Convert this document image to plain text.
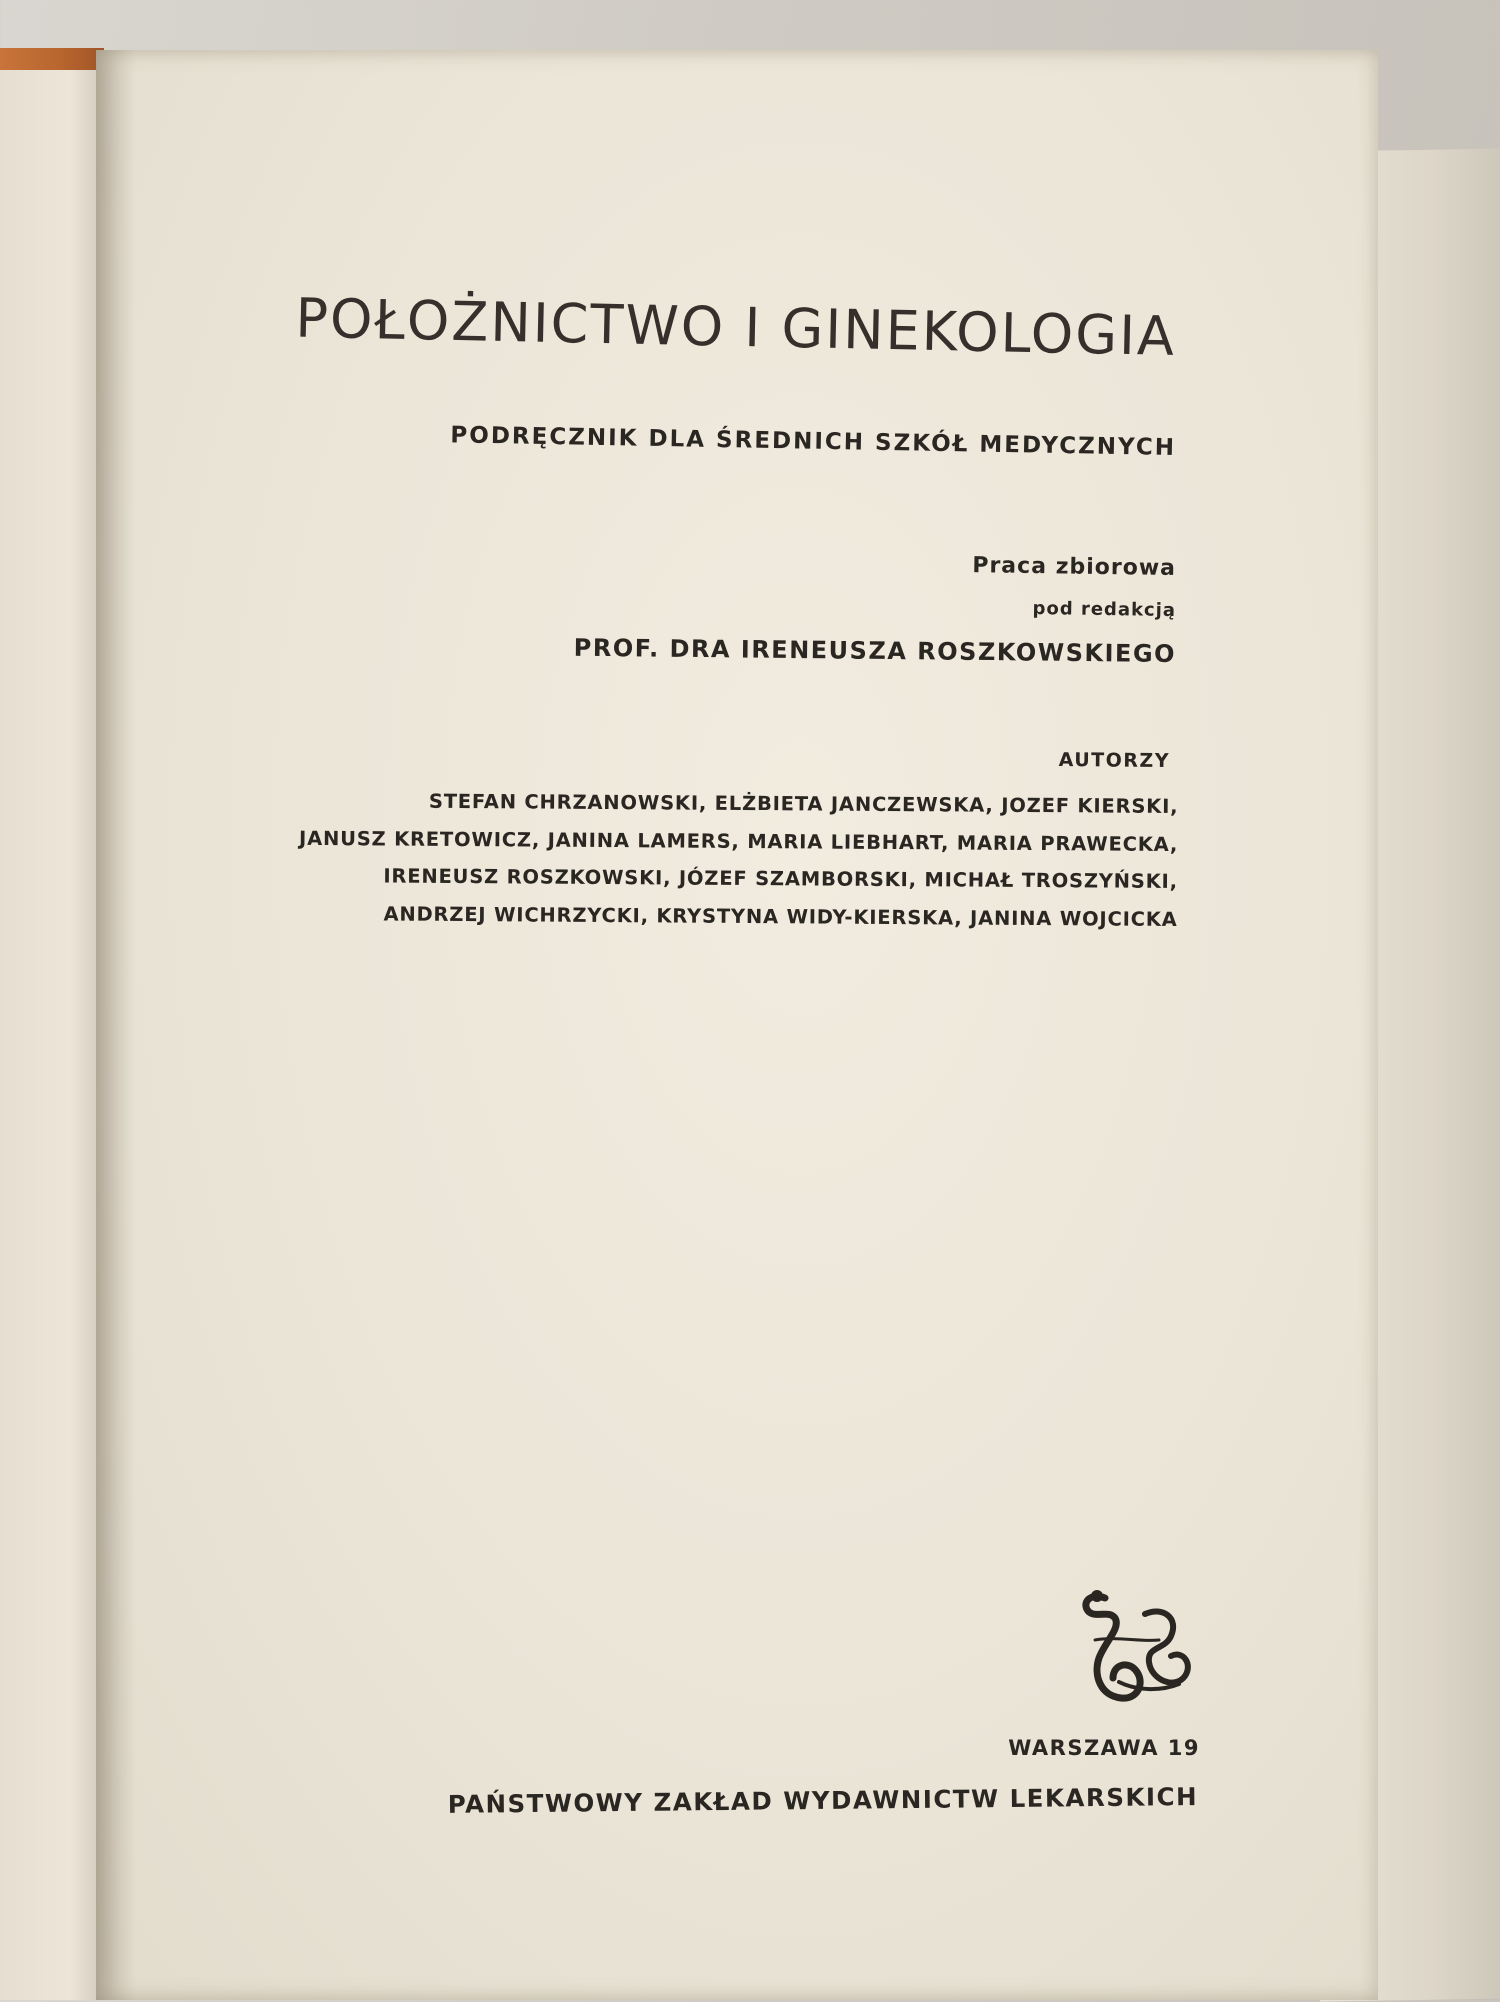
POŁOŻNICTWO I GINEKOLOGIA
PODRĘCZNIK DLA ŚREDNICH SZKÓŁ MEDYCZNYCH
Praca zbiorowa
pod redakcją
PROF. DRA IRENEUSZA ROSZKOWSKIEGO
AUTORZY
STEFAN CHRZANOWSKI, ELŻBIETA JANCZEWSKA, JOZEF KIERSKI,
JANUSZ KRETOWICZ, JANINA LAMERS, MARIA LIEBHART, MARIA PRAWECKA,
IRENEUSZ ROSZKOWSKI, JÓZEF SZAMBORSKI, MICHAŁ TROSZYŃSKI,
ANDRZEJ WICHRZYCKI, KRYSTYNA WIDY-KIERSKA, JANINA WOJCICKA
WARSZAWA 19
PAŃSTWOWY ZAKŁAD WYDAWNICTW LEKARSKICH
